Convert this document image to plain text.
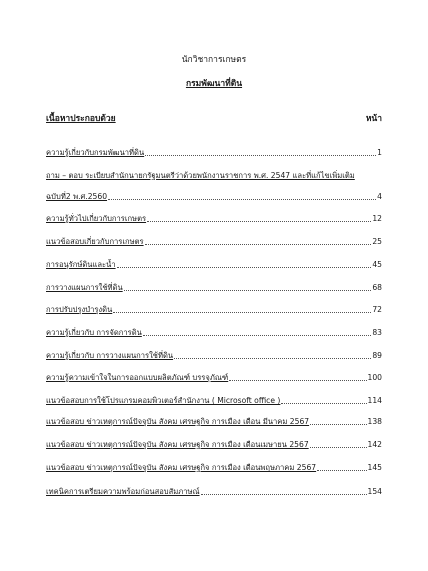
นักวิชาการเกษตร
กรมพัฒนาที่ดิน
เนื้อหาประกอบด้วย	หน้า
ความรู้เกี่ยวกับกรมพัฒนาที่ดิน	1
ถาม – ตอบ ระเบียบสำนักนายกรัฐมนตรีว่าด้วยพนักงานราชการ พ.ศ. 2547 และที่แก้ไขเพิ่มเติม
ฉบับที่2 พ.ศ.2560	4
ความรู้ทั่วไปเกี่ยวกับการเกษตร	12
แนวข้อสอบเกี่ยวกับการเกษตร	25
การอนุรักษ์ดินและน้ำ	45
การวางแผนการใช้ที่ดิน	68
การปรับปรุงบำรุงดิน	72
ความรู้เกี่ยวกับ การจัดการดิน	83
ความรู้เกี่ยวกับ การวางแผนการใช้ที่ดิน	89
ความรู้ความเข้าใจในการออกแบบผลิตภัณฑ์ บรรจุภัณฑ์	100
แนวข้อสอบการใช้โปรแกรมคอมพิวเตอร์สำนักงาน ( Microsoft office )	114
แนวข้อสอบ ข่าวเหตุการณ์ปัจจุบัน สังคม เศรษฐกิจ การเมือง เดือน มีนาคม 2567	138
แนวข้อสอบ ข่าวเหตุการณ์ปัจจุบัน สังคม เศรษฐกิจ การเมือง เดือนเมษายน 2567	142
แนวข้อสอบ ข่าวเหตุการณ์ปัจจุบัน สังคม เศรษฐกิจ การเมือง เดือนพฤษภาคม 2567	145
เทคนิคการเตรียมความพร้อมก่อนสอบสัมภาษณ์	154
